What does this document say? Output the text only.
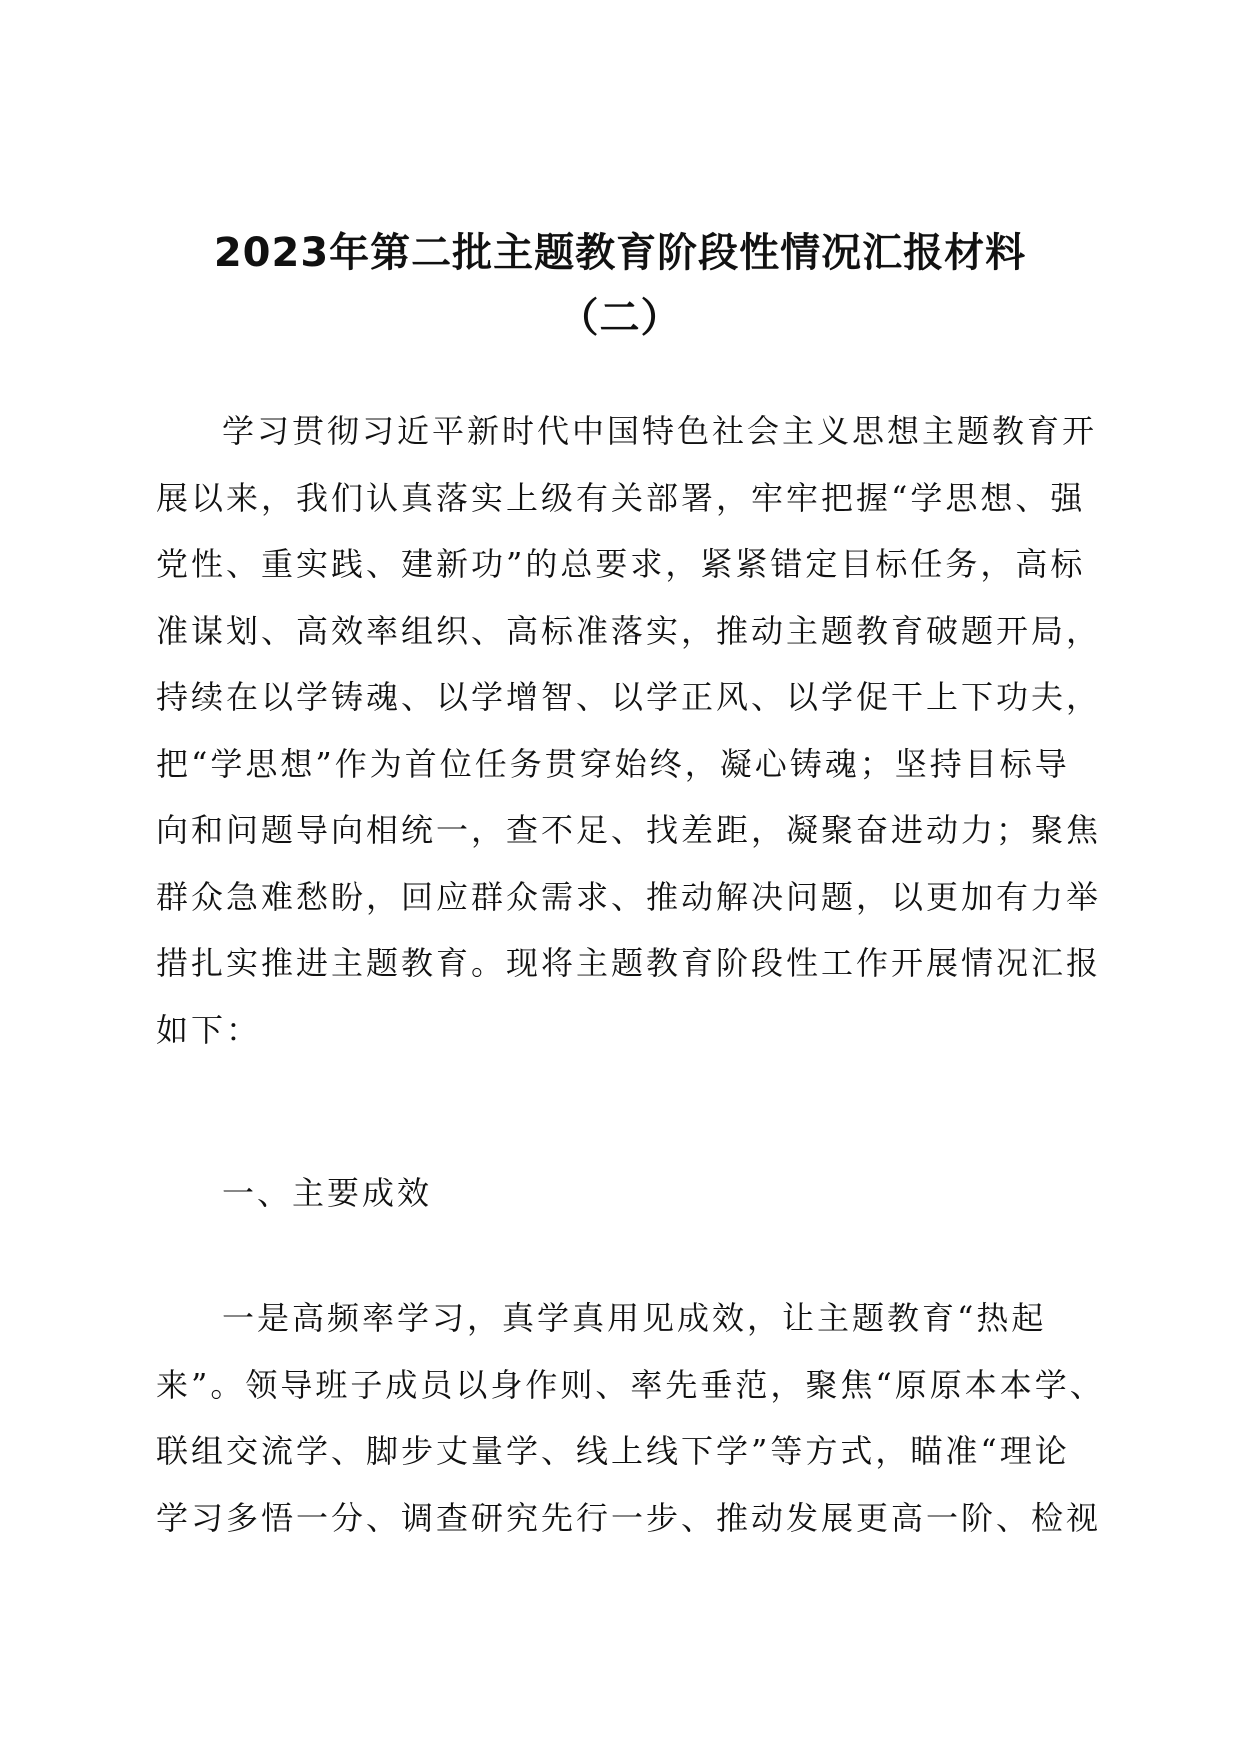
2023年第二批主题教育阶段性情况汇报材料
（二）
学习贯彻习近平新时代中国特色社会主义思想主题教育开
展以来，我们认真落实上级有关部署，牢牢把握“学思想、强
党性、重实践、建新功”的总要求，紧紧错定目标任务，高标
准谋划、高效率组织、高标准落实，推动主题教育破题开局，
持续在以学铸魂、以学增智、以学正风、以学促干上下功夫，
把“学思想”作为首位任务贯穿始终，凝心铸魂；坚持目标导
向和问题导向相统一，查不足、找差距，凝聚奋进动力；聚焦
群众急难愁盼，回应群众需求、推动解决问题，以更加有力举
措扎实推进主题教育。现将主题教育阶段性工作开展情况汇报
如下：
一、主要成效
一是高频率学习，真学真用见成效，让主题教育“热起
来”。领导班子成员以身作则、率先垂范，聚焦“原原本本学、
联组交流学、脚步丈量学、线上线下学”等方式，瞄准“理论
学习多悟一分、调查研究先行一步、推动发展更高一阶、检视
